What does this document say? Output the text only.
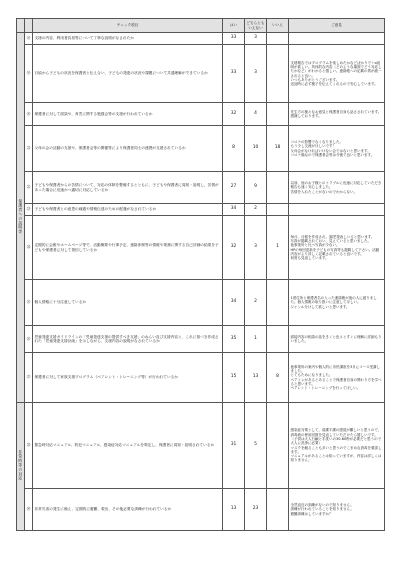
		チェック項目	はい	どちらともいえない	いいえ	ご意見
保護者への説明等	⑱	支援の内容、利用者負担等について丁寧な説明がなされたか	33	3		
	⑲	日頃から子どもの状況を保護者と伝え合い、子どもの発達の状況や課題について共通理解ができているか	33	3		支援報告ではプログラムを楽しめたかなどばかりで＋α説明が欲しい。具体的な内容（どのような場面でどう対応したかなど）がわかると嬉しい。連絡帳への記載の質が統一されると良い。
いつもありがとうございます。
送迎時に必ず様子を伝えてくれるので安心しています。

	⑳	保護者に対して面談や、育児に関する勉強会等の支援が行われているか	32	4		先生方の様々なお意見と保護者自身も話さされています。感謝しております。

	㉑	父母の会の活動の支援や、保護者会等の開催等により保護者同士の連携が支援されているか	8	10	18	コロナの影響でなくなりました。
もう少し交流がほしいです！
父母会がなければいけない会ではないと思います。
コロナ禍なので保護者会等は今後で良いと思います。

	㉒	子どもや保護者からの苦情について、対応の体制を整備するとともに、子どもや保護者に周知・説明し、苦情があった場合に迅速かつ適切に対応しているか	27	9		以前、他のお子様とのトラブルに迅速に対応していただき報告も速く安心しました。
苦情を入れたことがないのでわからない。

	㉓	子どもや保護者との意思の疎通や情報伝達のための配慮がなされているか	34	2		
	㉔	定期的に会報やホームページ等で、活動概要や行事予定、連絡体制等の情報や業務に関する自己評価の結果を子どもや保護者に対して発信しているか	32	3	1	毎月、月報を作成され、園児発表しいると思います。
写真が掲載されておい、見えていると思いました。
他事業所と比べ写真が少ない。
HPの毎回更新を子どもの写真等も掲載して下さい。活動内容がより詳しく記載されていると良いです。
何度も見返しています。

	㉕	個人情報に十分注意しているか	34	2		1度住所と保護者名の入った連絡帳が他の人に渡りました。個人情報の取り扱いに注意してほしい。
ジャンル分けして欲しいと思います。

	㉖	児童発達支援ガイドラインの「児童発達支援の提供すべき支援」のねらい及び支援内容と、これに基づき作成された「児童発達支援計画」を示しながら、支援内容の説明がなされているか	35	1		面接内容の相談の話をきくと色々とすぐに理解に詳細もりいました。

	㉗	保護者に対して家族支援プログラム（ペアレント・トレーニング等）が行われているか	15	13	8	他事業所の案内や個人的に市民講座を3月にコース受講しました。
とてもためになりました。
ペアトレがあるとあることで保護者自身の関わり方を学べると思います。
ペアレント・トレーニングを行ってほしい。

非常時等の対応	㉘	緊急時対応マニュアル、防犯マニュアル、感染症対応マニュアルを策定し、保護者に周知・説明されているか	31	5		感染症対策として、清潔不潔の感覚が難しいと思うので、消毒液の使用回数を見直していただけたら嬉しいです。
（子供は大人石鹸と手洗いの30-60秒が必要だと思うので大人に洗浄に必要）
マスクを触ることも多いと思うのでこまめな消毒を要請します。
マニュアルがあることは知っていますが、内容は詳しくは知りません。

	㉙	非常災害の発生に備え、定期的に避難、救出、その他必要な訓練が行われているか	13	23		全然直近の訓練がないので知りません。
訓練が行われていることを知りません。
避難訓練はしていますか？
